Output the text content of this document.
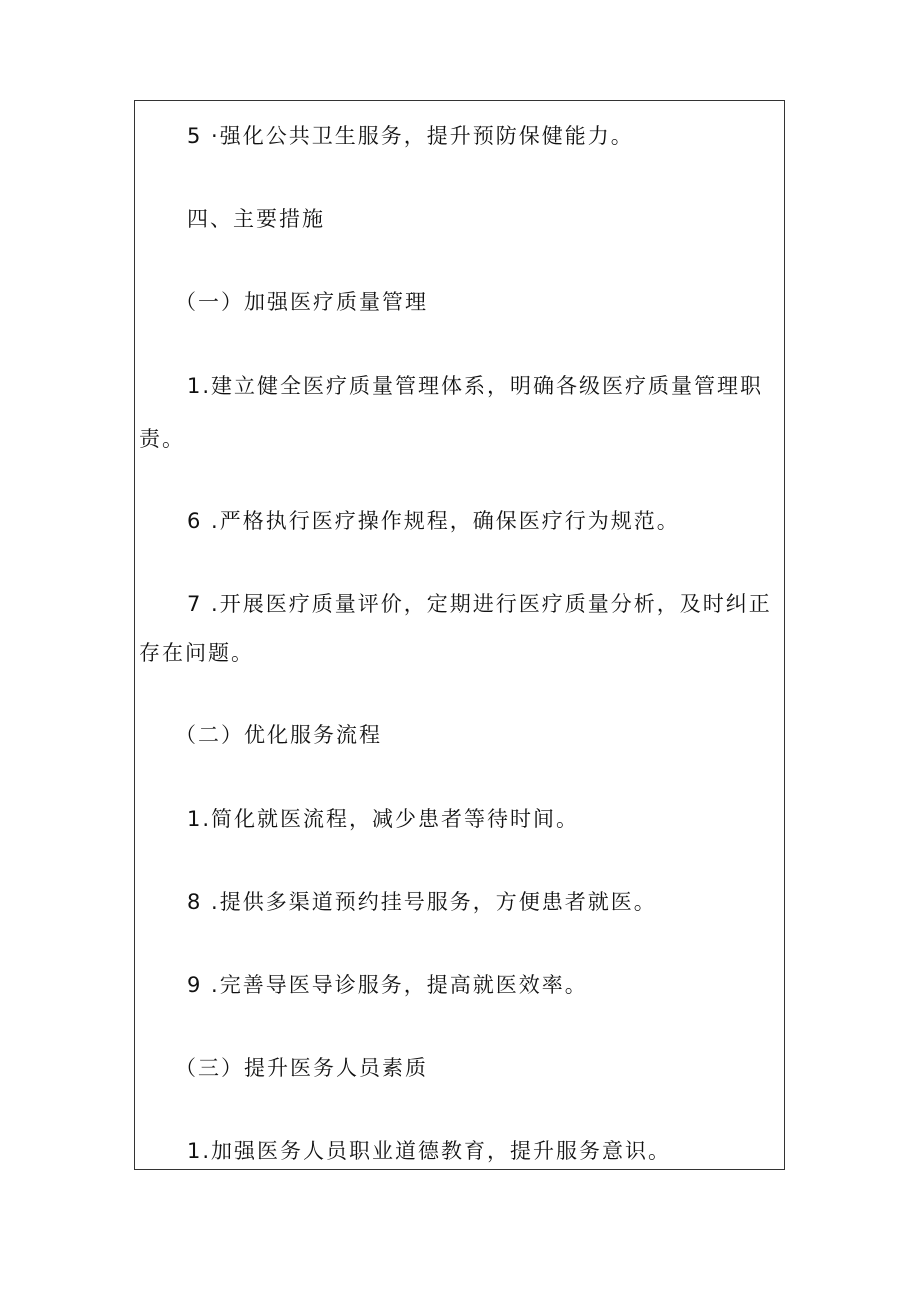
5 ·强化公共卫生服务，提升预防保健能力。
四、主要措施
（一）加强医疗质量管理
1.建立健全医疗质量管理体系，明确各级医疗质量管理职
责。
6 .严格执行医疗操作规程，确保医疗行为规范。
7 .开展医疗质量评价，定期进行医疗质量分析，及时纠正
存在问题。
（二）优化服务流程
1.简化就医流程，减少患者等待时间。
8 .提供多渠道预约挂号服务，方便患者就医。
9 .完善导医导诊服务，提高就医效率。
（三）提升医务人员素质
1.加强医务人员职业道德教育，提升服务意识。
